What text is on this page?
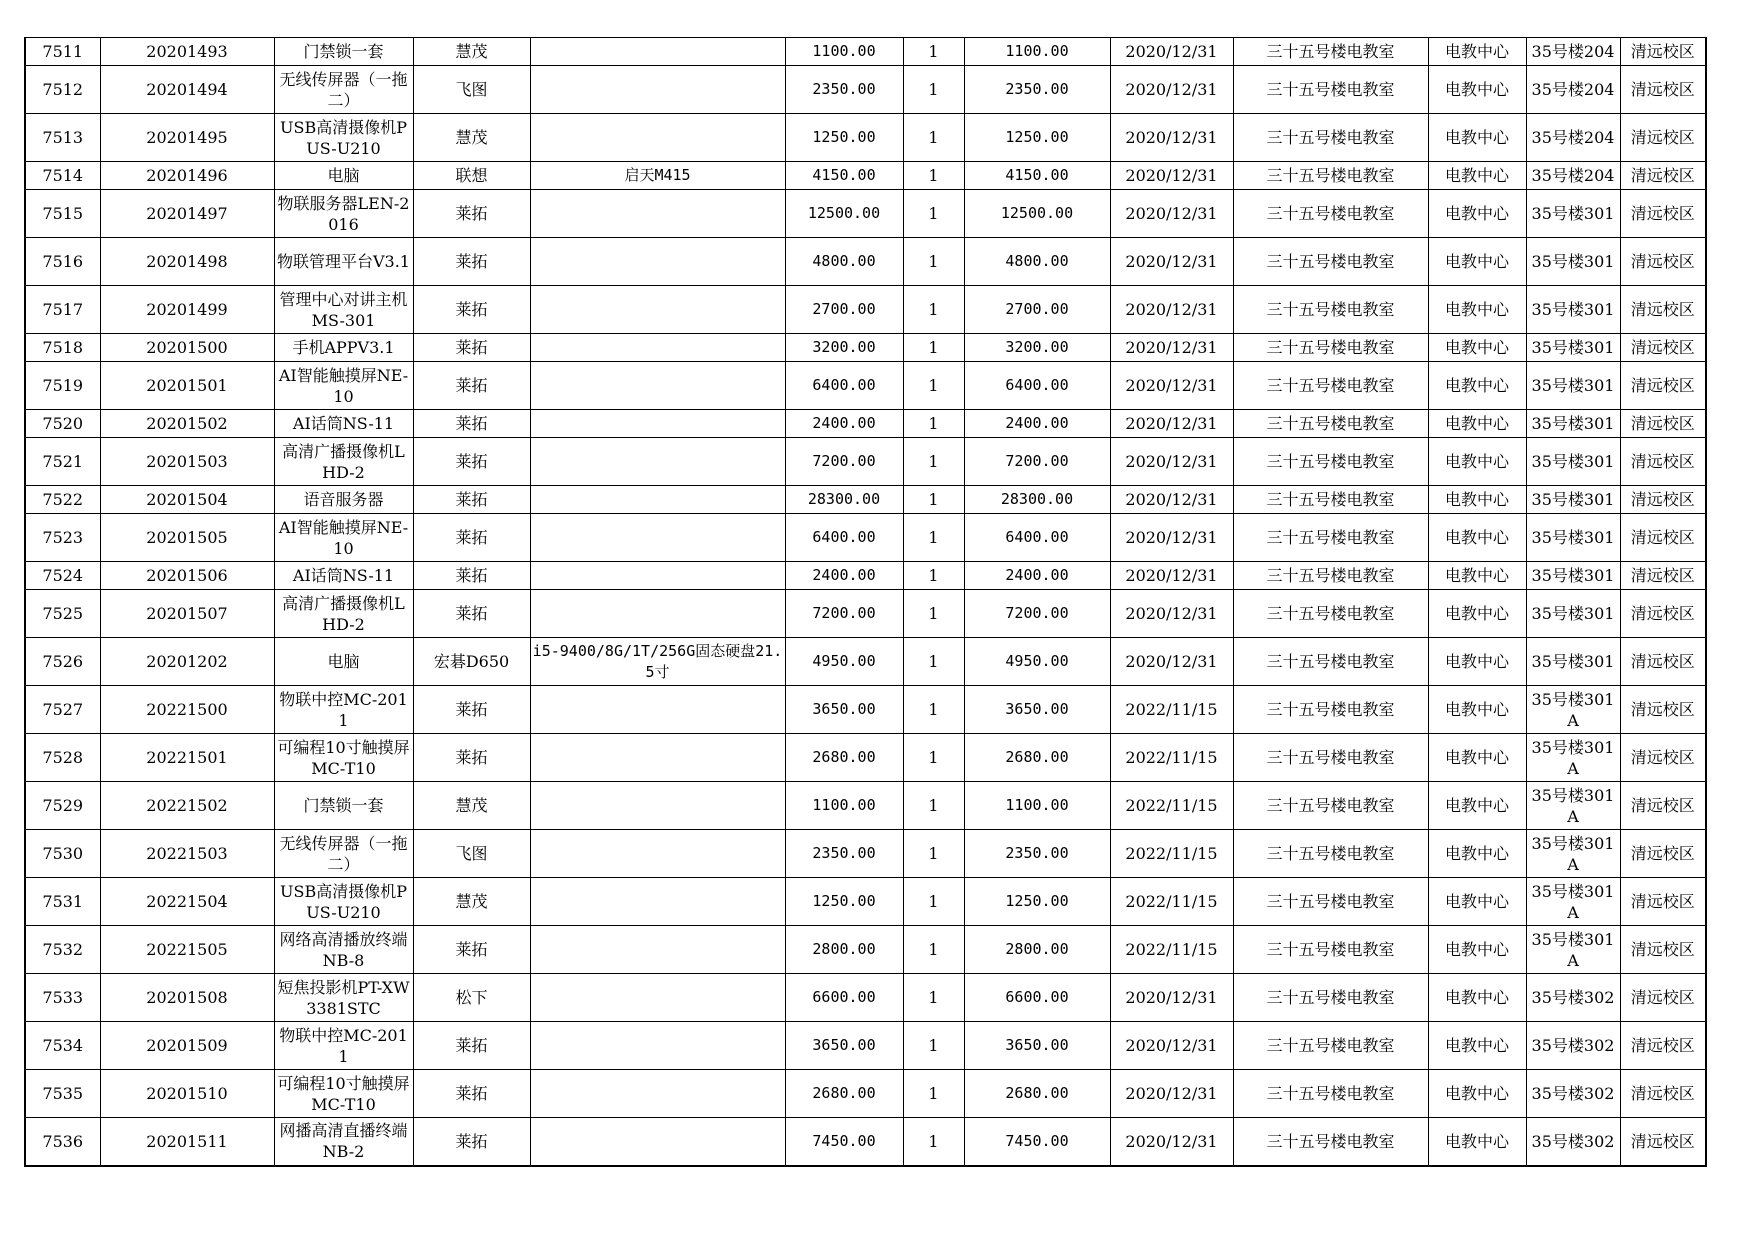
7511	20201493	门禁锁一套	慧茂		1100.00	1	1100.00	2020/12/31	三十五号楼电教室	电教中心	35号楼204	清远校区
7512	20201494	无线传屏器（一拖二）	飞图		2350.00	1	2350.00	2020/12/31	三十五号楼电教室	电教中心	35号楼204	清远校区
7513	20201495	USB高清摄像机PUS-U210	慧茂		1250.00	1	1250.00	2020/12/31	三十五号楼电教室	电教中心	35号楼204	清远校区
7514	20201496	电脑	联想	启天M415	4150.00	1	4150.00	2020/12/31	三十五号楼电教室	电教中心	35号楼204	清远校区
7515	20201497	物联服务器LEN-2016	莱拓		12500.00	1	12500.00	2020/12/31	三十五号楼电教室	电教中心	35号楼301	清远校区
7516	20201498	物联管理平台V3.1	莱拓		4800.00	1	4800.00	2020/12/31	三十五号楼电教室	电教中心	35号楼301	清远校区
7517	20201499	管理中心对讲主机MS-301	莱拓		2700.00	1	2700.00	2020/12/31	三十五号楼电教室	电教中心	35号楼301	清远校区
7518	20201500	手机APPV3.1	莱拓		3200.00	1	3200.00	2020/12/31	三十五号楼电教室	电教中心	35号楼301	清远校区
7519	20201501	AI智能触摸屏NE-10	莱拓		6400.00	1	6400.00	2020/12/31	三十五号楼电教室	电教中心	35号楼301	清远校区
7520	20201502	AI话筒NS-11	莱拓		2400.00	1	2400.00	2020/12/31	三十五号楼电教室	电教中心	35号楼301	清远校区
7521	20201503	高清广播摄像机LHD-2	莱拓		7200.00	1	7200.00	2020/12/31	三十五号楼电教室	电教中心	35号楼301	清远校区
7522	20201504	语音服务器	莱拓		28300.00	1	28300.00	2020/12/31	三十五号楼电教室	电教中心	35号楼301	清远校区
7523	20201505	AI智能触摸屏NE-10	莱拓		6400.00	1	6400.00	2020/12/31	三十五号楼电教室	电教中心	35号楼301	清远校区
7524	20201506	AI话筒NS-11	莱拓		2400.00	1	2400.00	2020/12/31	三十五号楼电教室	电教中心	35号楼301	清远校区
7525	20201507	高清广播摄像机LHD-2	莱拓		7200.00	1	7200.00	2020/12/31	三十五号楼电教室	电教中心	35号楼301	清远校区
7526	20201202	电脑	宏碁D650	i5-9400/8G/1T/256G固态硬盘21.5寸	4950.00	1	4950.00	2020/12/31	三十五号楼电教室	电教中心	35号楼301	清远校区
7527	20221500	物联中控MC-2011	莱拓		3650.00	1	3650.00	2022/11/15	三十五号楼电教室	电教中心	35号楼301A	清远校区
7528	20221501	可编程10寸触摸屏MC-T10	莱拓		2680.00	1	2680.00	2022/11/15	三十五号楼电教室	电教中心	35号楼301A	清远校区
7529	20221502	门禁锁一套	慧茂		1100.00	1	1100.00	2022/11/15	三十五号楼电教室	电教中心	35号楼301A	清远校区
7530	20221503	无线传屏器（一拖二）	飞图		2350.00	1	2350.00	2022/11/15	三十五号楼电教室	电教中心	35号楼301A	清远校区
7531	20221504	USB高清摄像机PUS-U210	慧茂		1250.00	1	1250.00	2022/11/15	三十五号楼电教室	电教中心	35号楼301A	清远校区
7532	20221505	网络高清播放终端NB-8	莱拓		2800.00	1	2800.00	2022/11/15	三十五号楼电教室	电教中心	35号楼301A	清远校区
7533	20201508	短焦投影机PT-XW3381STC	松下		6600.00	1	6600.00	2020/12/31	三十五号楼电教室	电教中心	35号楼302	清远校区
7534	20201509	物联中控MC-2011	莱拓		3650.00	1	3650.00	2020/12/31	三十五号楼电教室	电教中心	35号楼302	清远校区
7535	20201510	可编程10寸触摸屏MC-T10	莱拓		2680.00	1	2680.00	2020/12/31	三十五号楼电教室	电教中心	35号楼302	清远校区
7536	20201511	网播高清直播终端NB-2	莱拓		7450.00	1	7450.00	2020/12/31	三十五号楼电教室	电教中心	35号楼302	清远校区
